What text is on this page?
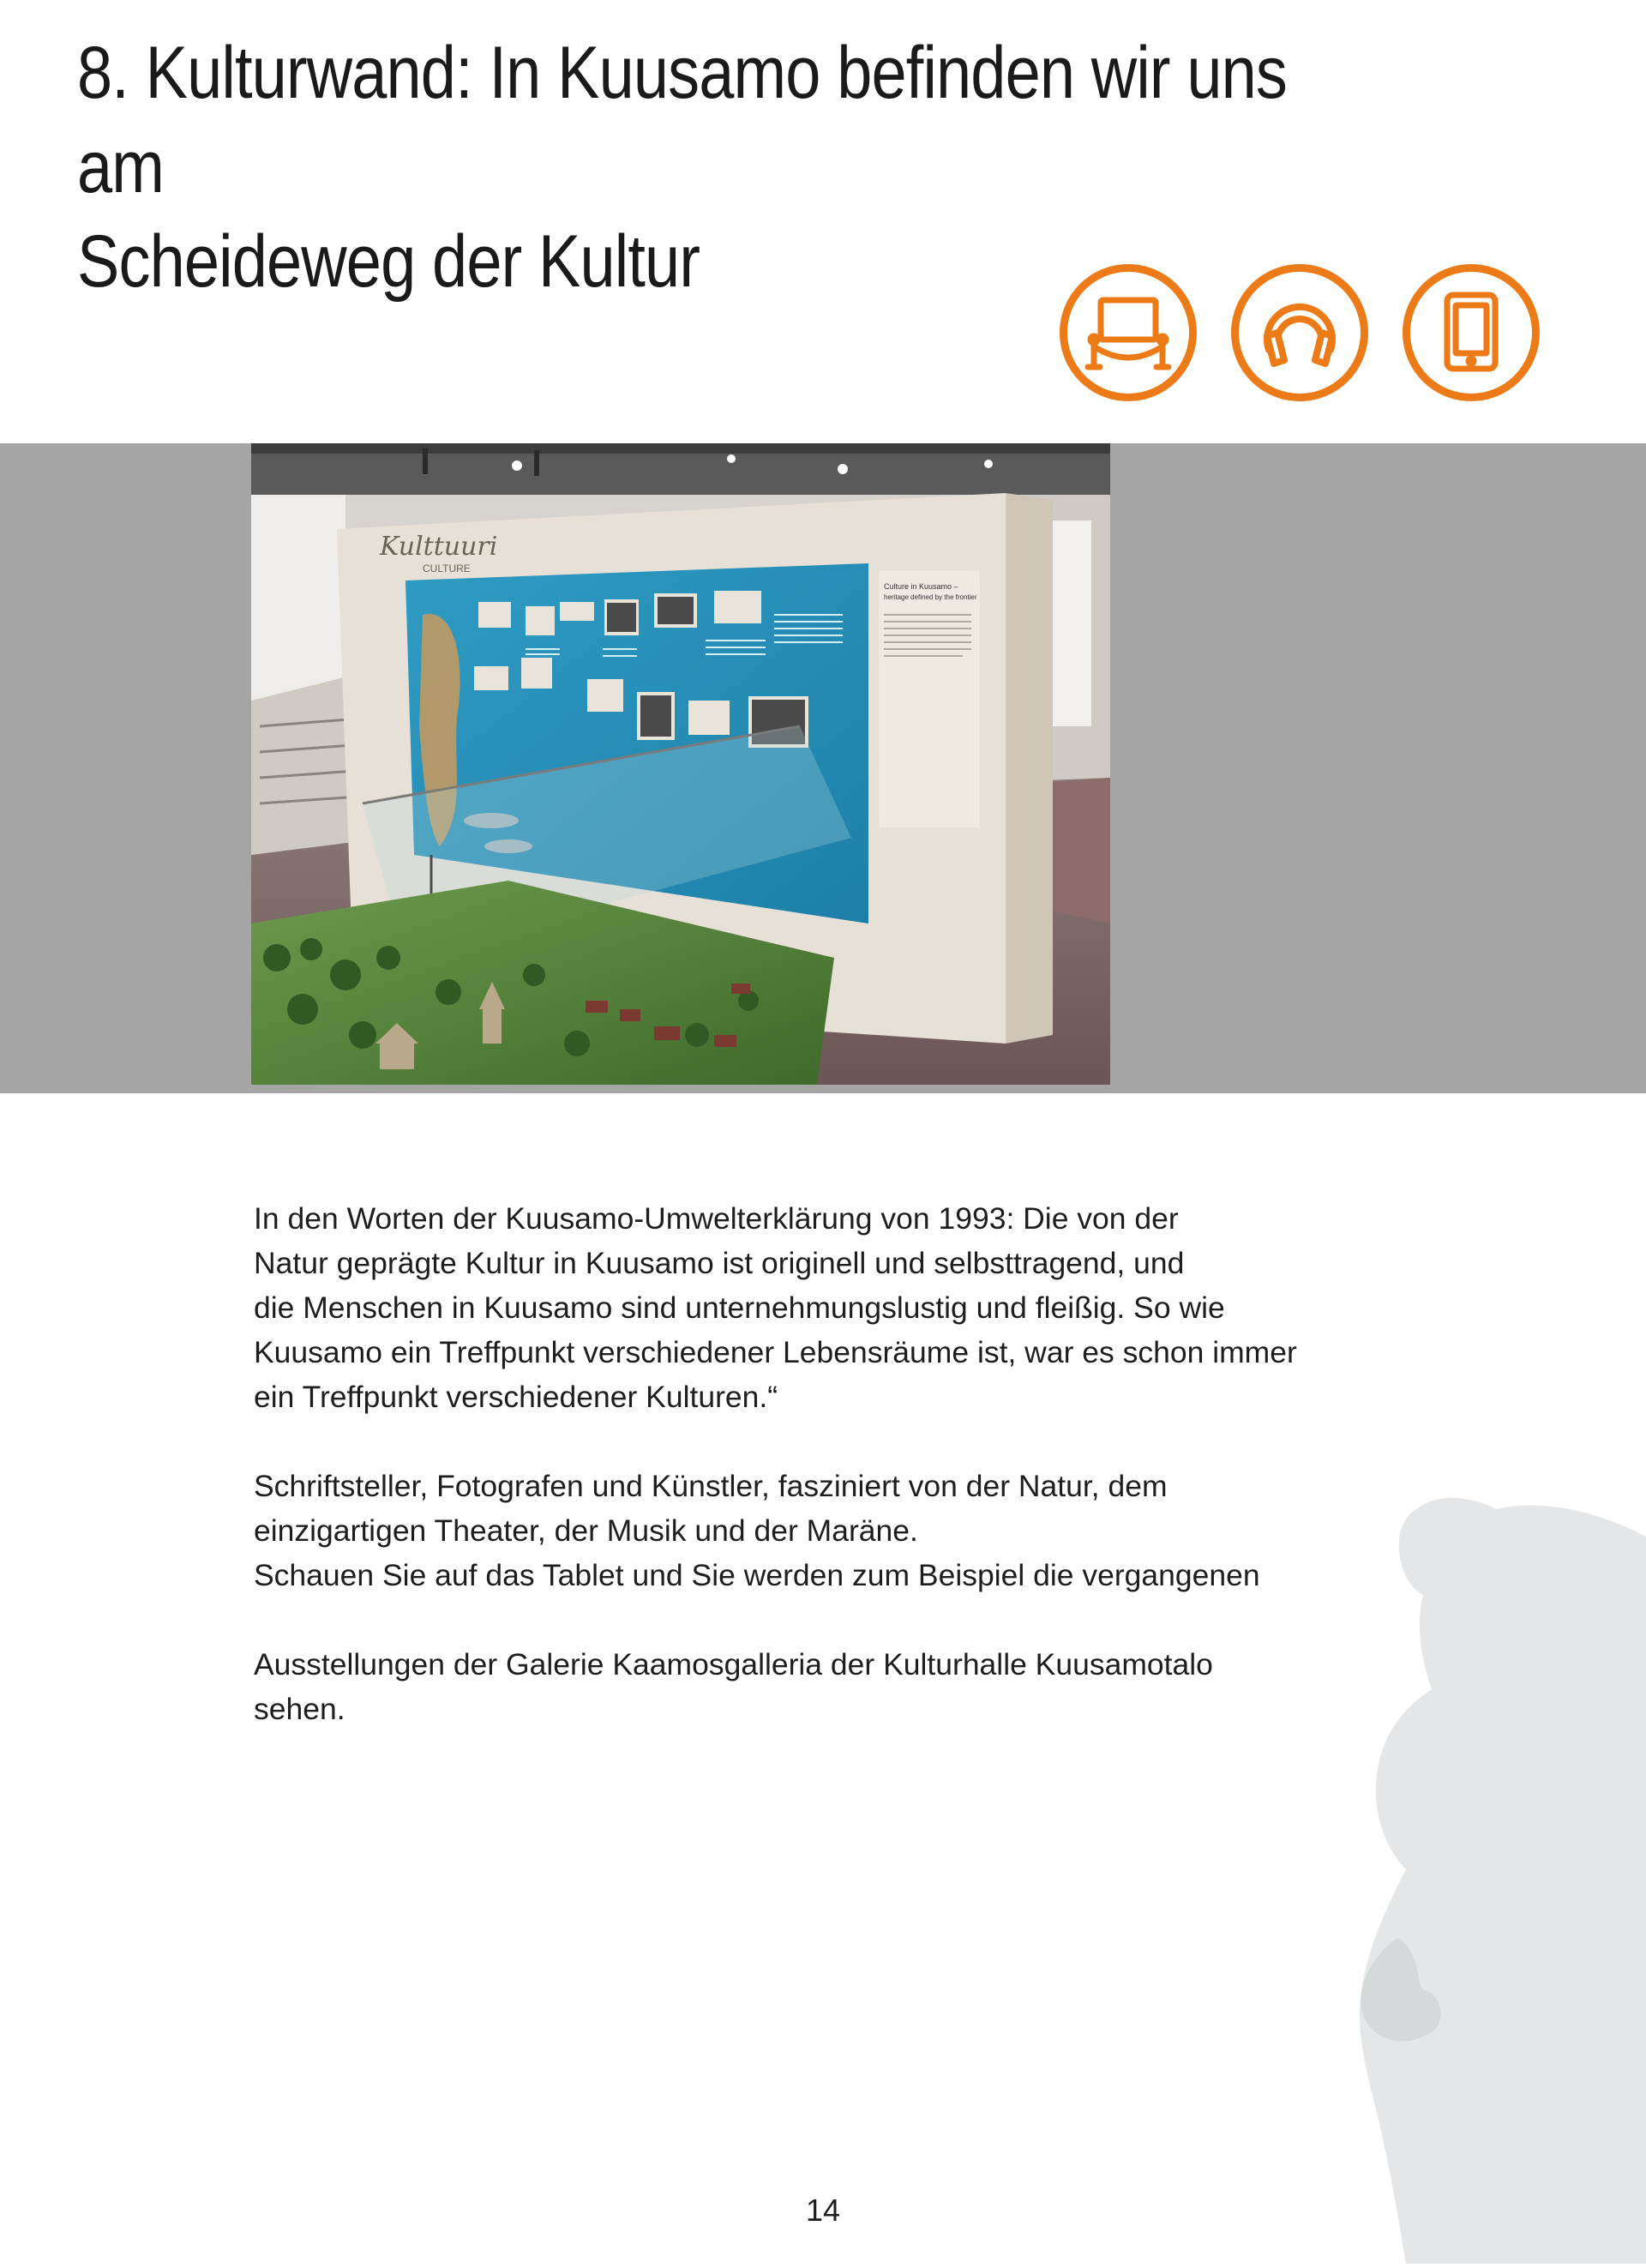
8. Kulturwand: In Kuusamo befinden wir uns am
Scheideweg der Kultur
Kulttuuri
CULTURE
Culture in Kuusamo –
heritage defined by the frontier

In den Worten der Kuusamo-Umwelterklärung von 1993: Die von der
Natur geprägte Kultur in Kuusamo ist originell und selbsttragend, und
die Menschen in Kuusamo sind unternehmungslustig und fleißig. So wie
Kuusamo ein Treffpunkt verschiedener Lebensräume ist, war es schon immer
ein Treffpunkt verschiedener Kulturen.“

Schriftsteller, Fotografen und Künstler, fasziniert von der Natur, dem
einzigartigen Theater, der Musik und der Maräne.
Schauen Sie auf das Tablet und Sie werden zum Beispiel die vergangenen

Ausstellungen der Galerie Kaamosgalleria der Kulturhalle Kuusamotalo
sehen.

14
